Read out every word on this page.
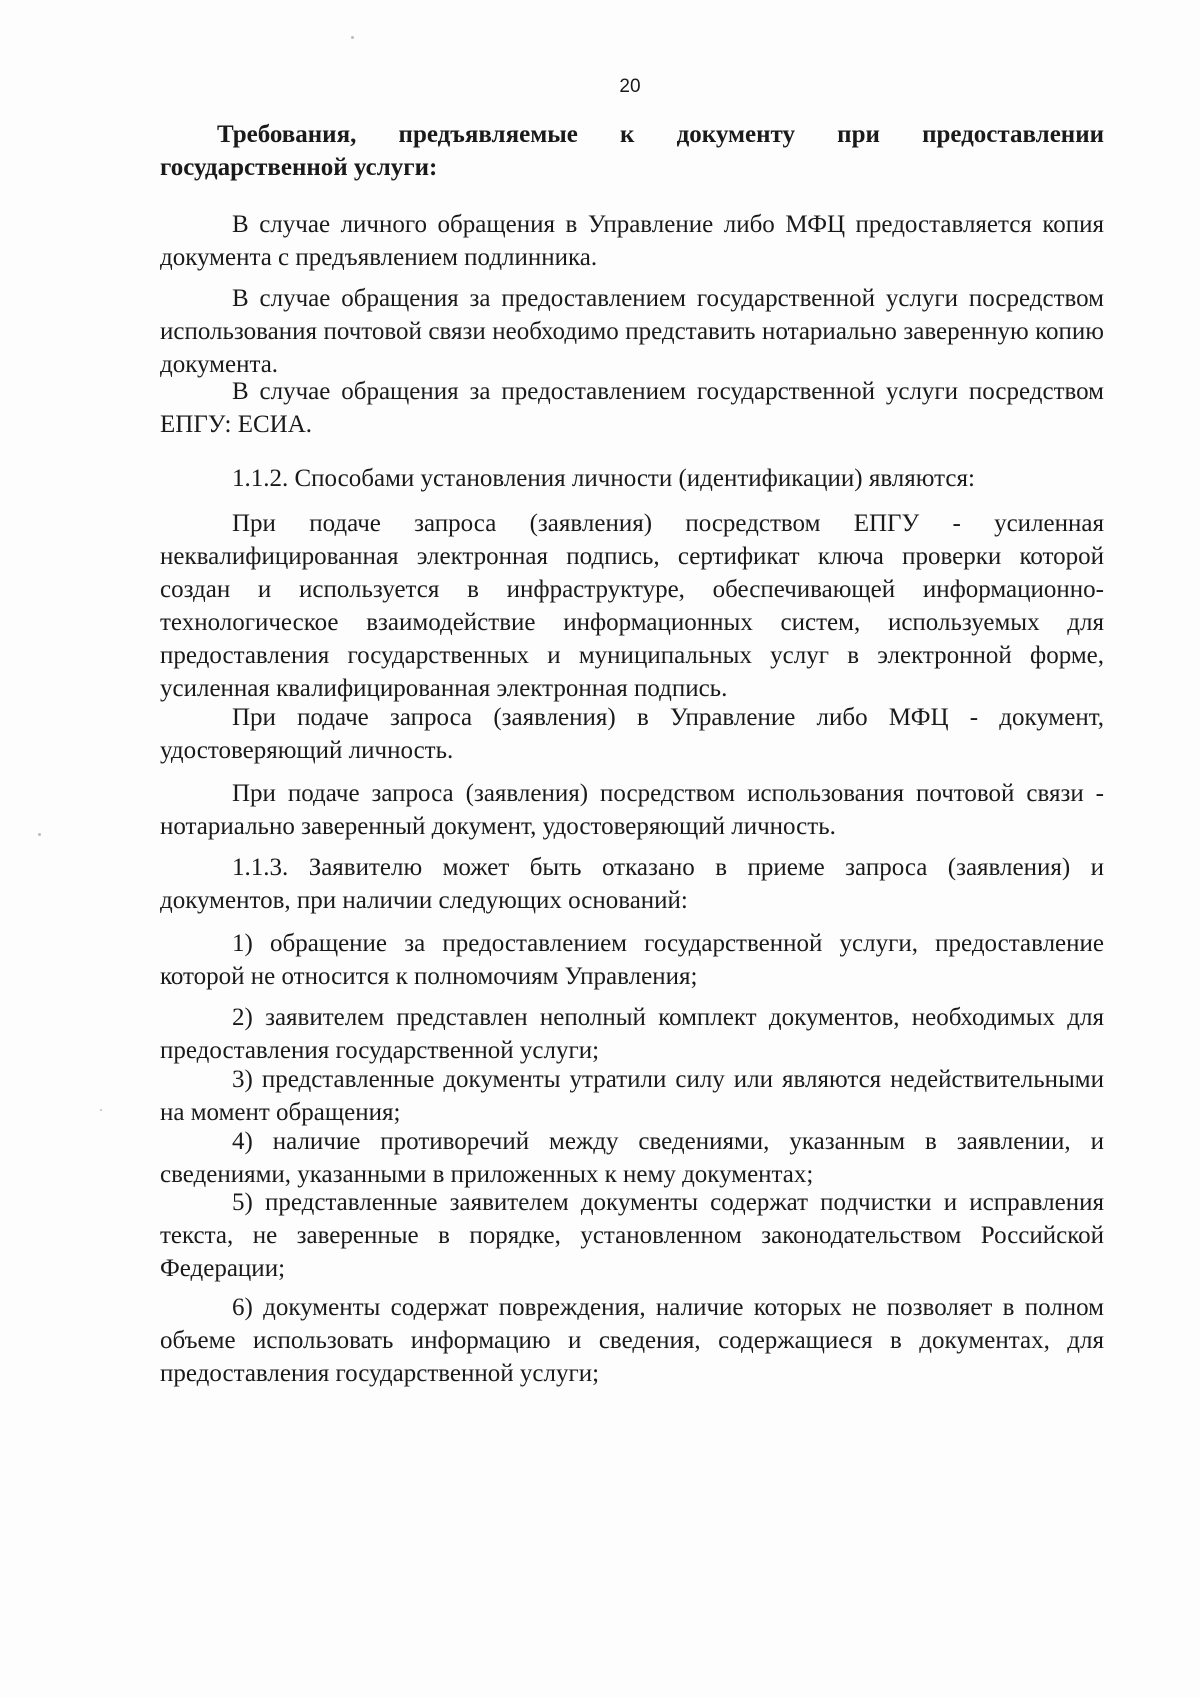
20

Требования, предъявляемые к документу при предоставлении государственной услуги:

В случае личного обращения в Управление либо МФЦ предоставляется копия документа с предъявлением подлинника.

В случае обращения за предоставлением государственной услуги посредством использования почтовой связи необходимо представить нотариально заверенную копию документа.

В случае обращения за предоставлением государственной услуги посредством ЕПГУ: ЕСИА.

1.1.2. Способами установления личности (идентификации) являются:

При подаче запроса (заявления) посредством ЕПГУ - усиленная неквалифицированная электронная подпись, сертификат ключа проверки которой создан и используется в инфраструктуре, обеспечивающей информационно-технологическое взаимодействие информационных систем, используемых для предоставления государственных и муниципальных услуг в электронной форме, усиленная квалифицированная электронная подпись.

При подаче запроса (заявления) в Управление либо МФЦ - документ, удостоверяющий личность.

При подаче запроса (заявления) посредством использования почтовой связи - нотариально заверенный документ, удостоверяющий личность.

1.1.3. Заявителю может быть отказано в приеме запроса (заявления) и документов, при наличии следующих оснований:

1) обращение за предоставлением государственной услуги, предоставление которой не относится к полномочиям Управления;

2) заявителем представлен неполный комплект документов, необходимых для предоставления государственной услуги;

3) представленные документы утратили силу или являются недействительными на момент обращения;

4) наличие противоречий между сведениями, указанным в заявлении, и сведениями, указанными в приложенных к нему документах;

5) представленные заявителем документы содержат подчистки и исправления текста, не заверенные в порядке, установленном законодательством Российской Федерации;

6) документы содержат повреждения, наличие которых не позволяет в полном объеме использовать информацию и сведения, содержащиеся в документах, для предоставления государственной услуги;
